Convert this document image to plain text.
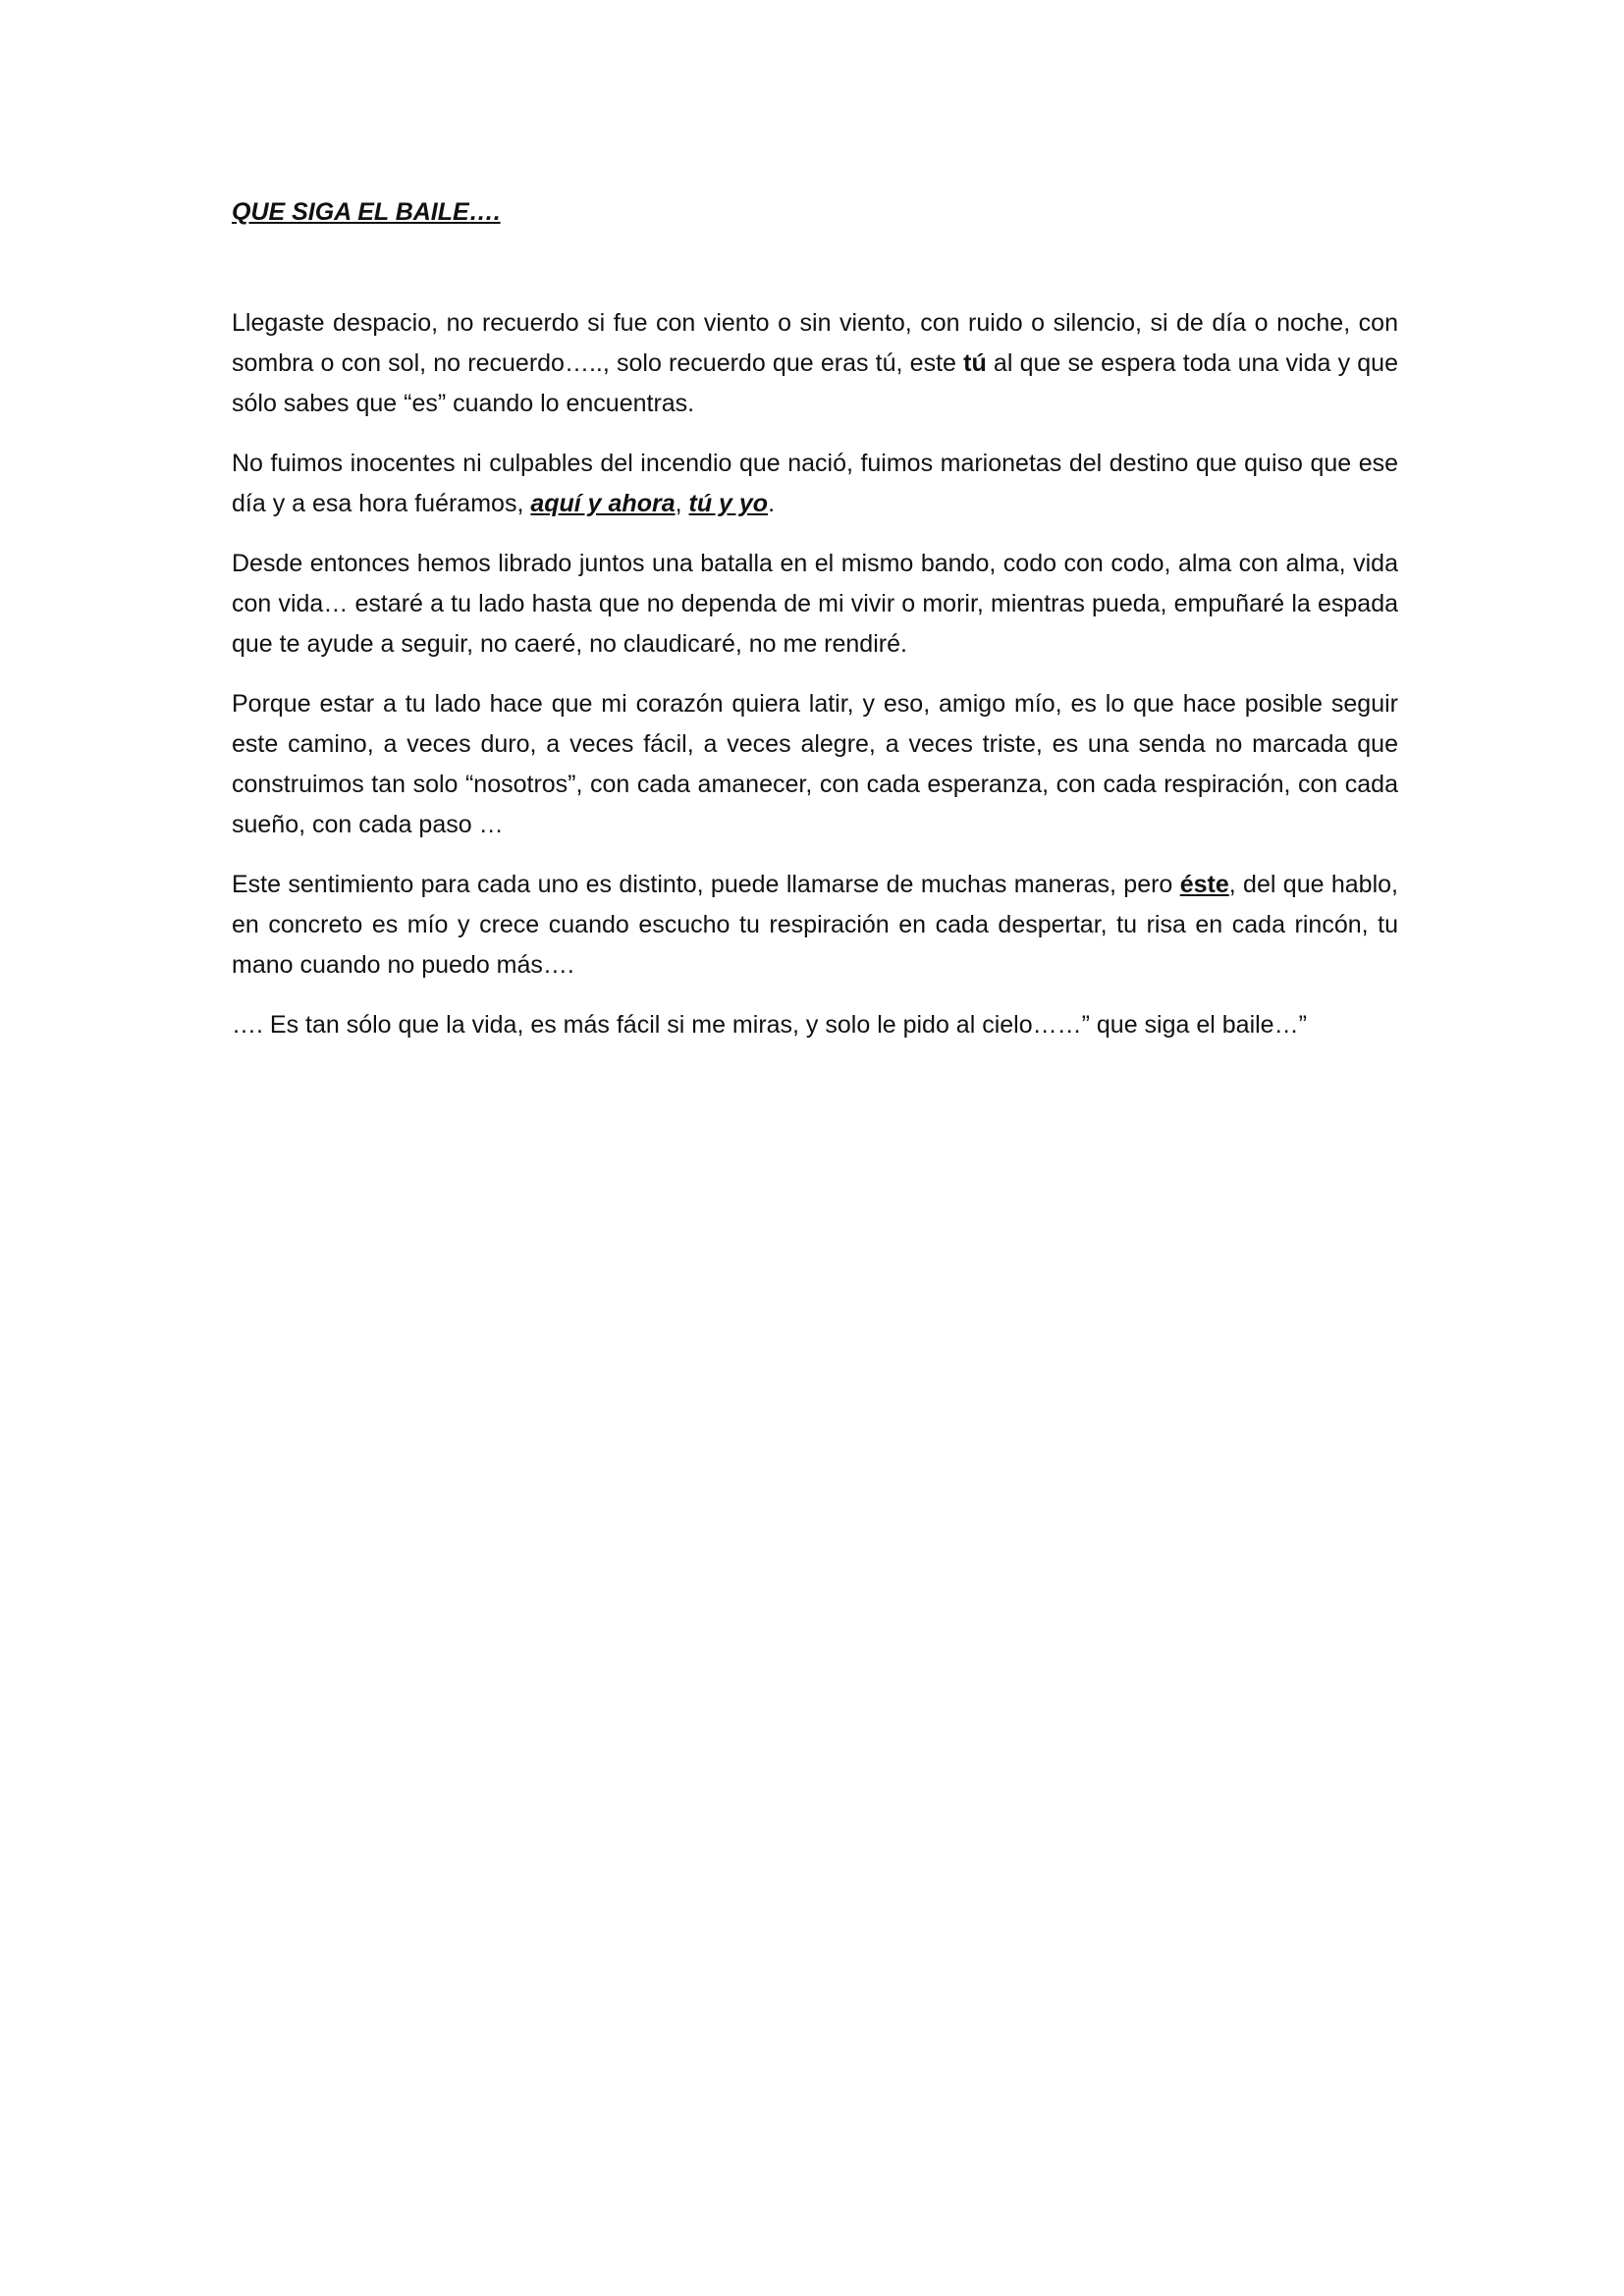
QUE SIGA EL BAILE….

Llegaste despacio, no recuerdo si fue con viento o sin viento, con ruido o silencio, si de día o noche, con sombra o con sol, no recuerdo….., solo recuerdo que eras tú, este tú al que se espera toda una vida y que sólo sabes que “es” cuando lo encuentras.

No fuimos inocentes ni culpables del incendio que nació, fuimos marionetas del destino que quiso que ese día y a esa hora fuéramos, aquí y ahora, tú y yo.

Desde entonces hemos librado juntos una batalla en el mismo bando, codo con codo, alma con alma, vida con vida… estaré a tu lado hasta que no dependa de mi vivir o morir, mientras pueda, empuñaré la espada que te ayude a seguir, no caeré, no claudicaré, no me rendiré.

Porque estar a tu lado hace que mi corazón quiera latir, y eso, amigo mío, es lo que hace posible seguir este camino, a veces duro, a veces fácil, a veces alegre, a veces triste, es una senda no marcada que construimos tan solo “nosotros”, con cada amanecer, con cada esperanza, con cada respiración, con cada sueño, con cada paso …

Este sentimiento para cada uno es distinto, puede llamarse de muchas maneras, pero éste, del que hablo, en concreto es mío y crece cuando escucho tu respiración en cada despertar, tu risa en cada rincón, tu mano cuando no puedo más….

…. Es tan sólo que la vida, es más fácil si me miras, y solo le pido al cielo……” que siga el baile…”
